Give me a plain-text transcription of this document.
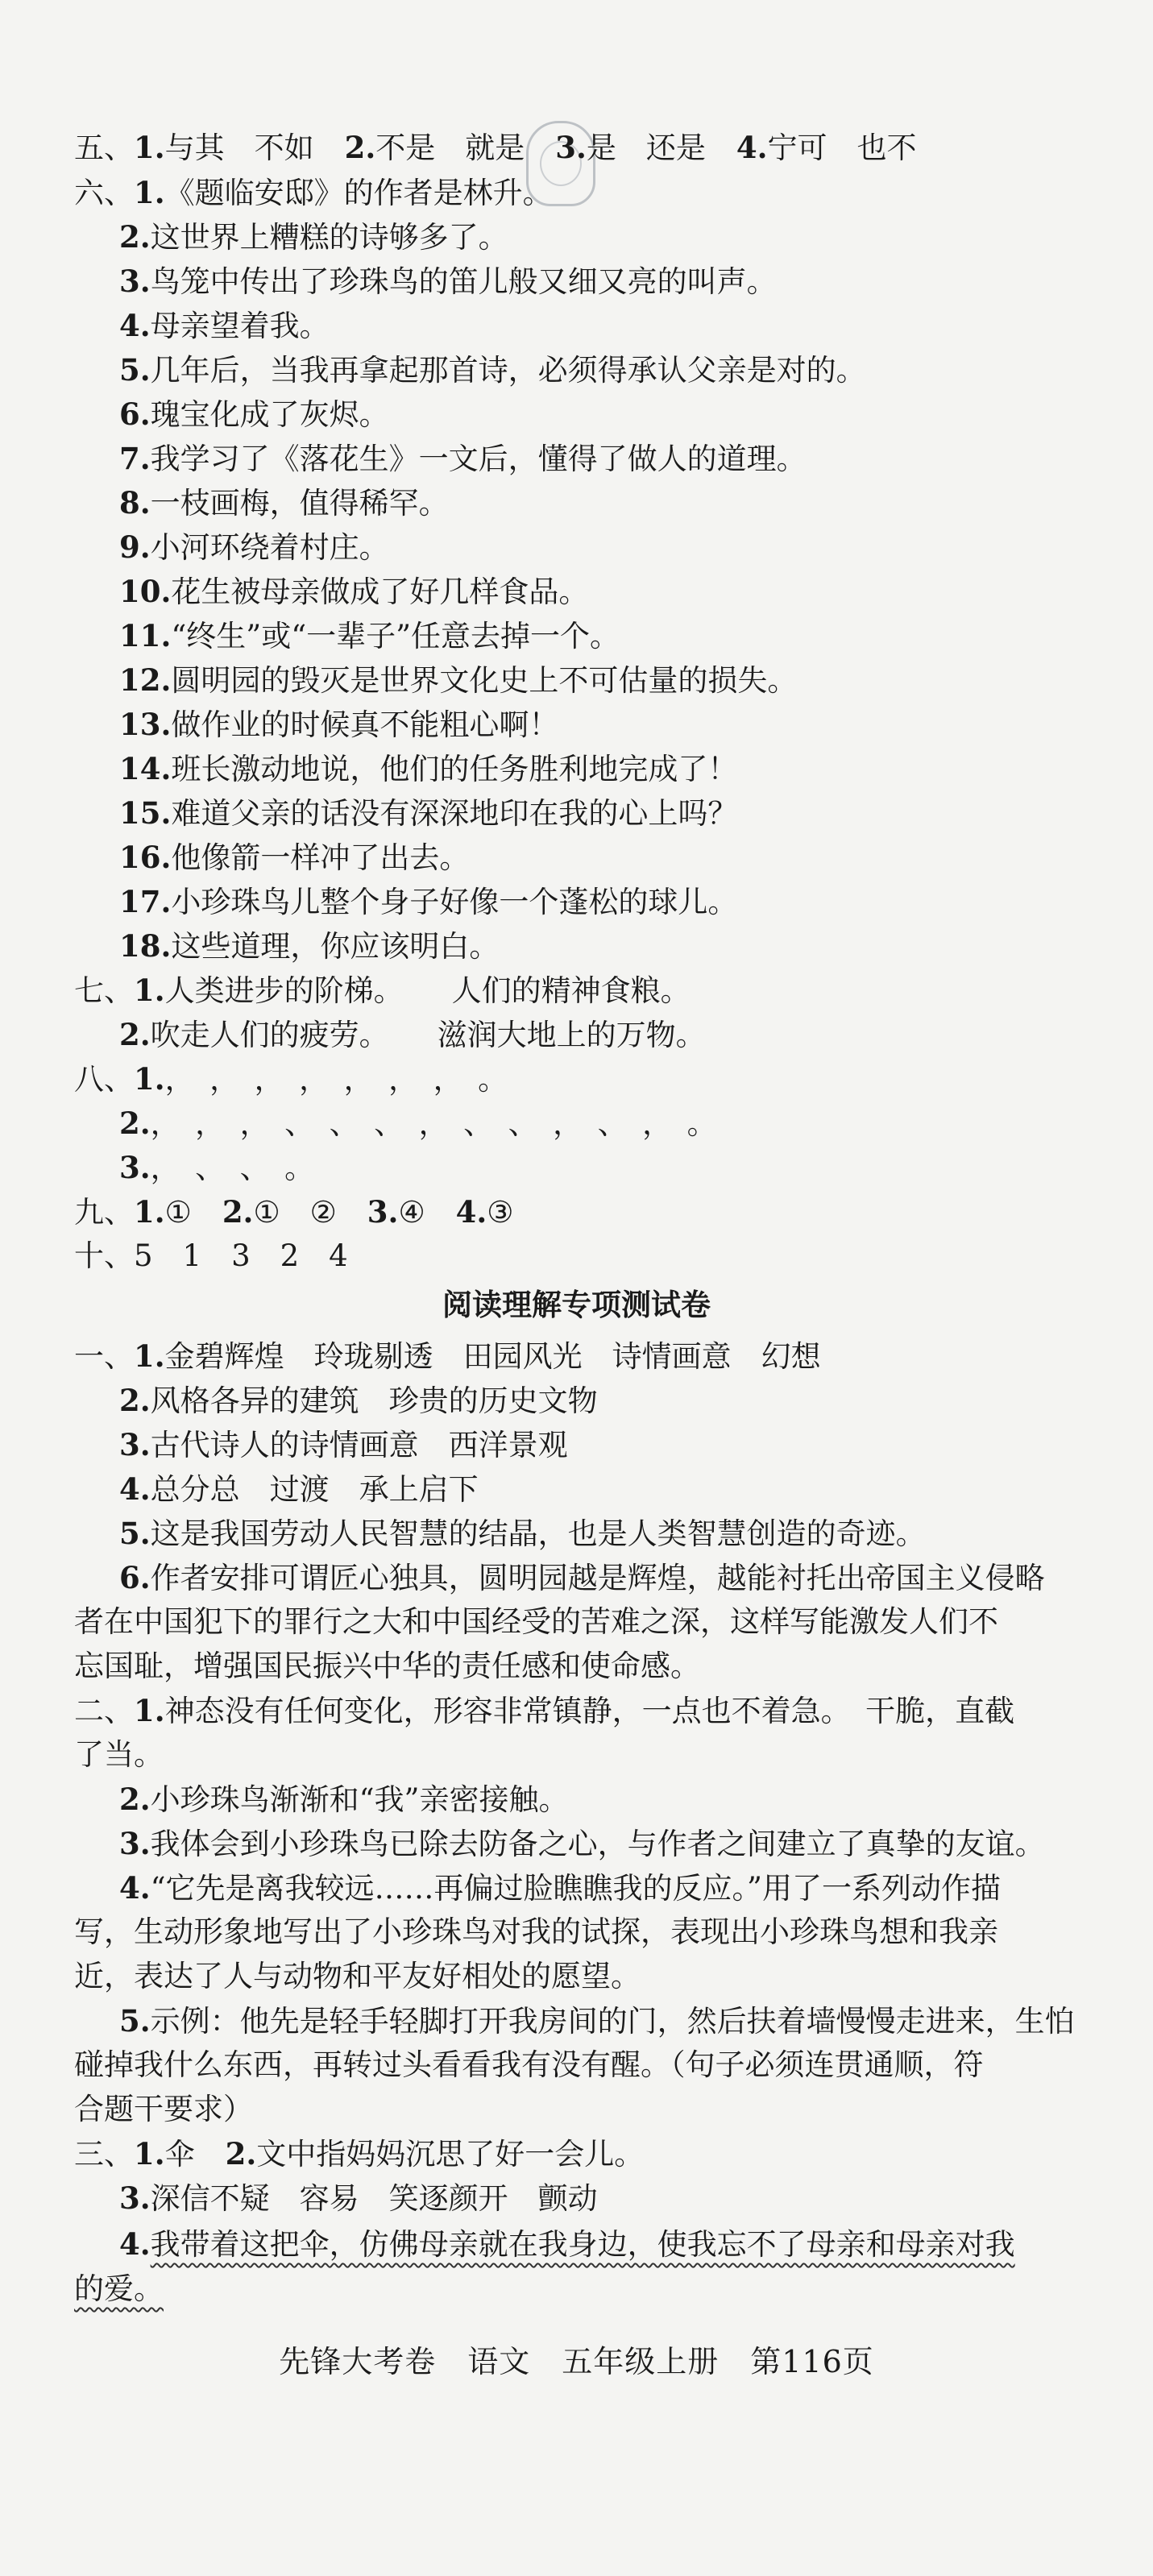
五、1.与其　不如 2.不是　就是 3.是　还是 4.宁可　也不
六、1.《题临安邸》的作者是林升。
2.这世界上糟糕的诗够多了。
3.鸟笼中传出了珍珠鸟的笛儿般又细又亮的叫声。
4.母亲望着我。
5.几年后，当我再拿起那首诗，必须得承认父亲是对的。
6.瑰宝化成了灰烬。
7.我学习了《落花生》一文后，懂得了做人的道理。
8.一枝画梅，值得稀罕。
9.小河环绕着村庄。
10.花生被母亲做成了好几样食品。
11.“终生”或“一辈子”任意去掉一个。
12.圆明园的毁灭是世界文化史上不可估量的损失。
13.做作业的时候真不能粗心啊！
14.班长激动地说，他们的任务胜利地完成了！
15.难道父亲的话没有深深地印在我的心上吗？
16.他像箭一样冲了出去。
17.小珍珠鸟儿整个身子好像一个蓬松的球儿。
18.这些道理，你应该明白。
七、1.人类进步的阶梯。 人们的精神食粮。
2.吹走人们的疲劳。 滋润大地上的万物。
八、1.，　，　，　，　，　，　，　。
2.，　，　，　、　、　、　，　、　、　，　、　，　。
3.，　、　、　。
九、1.① 2.①　② 3.④ 4.③
十、5　1　3　2　4
阅读理解专项测试卷
一、1.金碧辉煌　玲珑剔透　田园风光　诗情画意　幻想
2.风格各异的建筑　珍贵的历史文物
3.古代诗人的诗情画意　西洋景观
4.总分总　过渡　承上启下
5.这是我国劳动人民智慧的结晶，也是人类智慧创造的奇迹。
6.作者安排可谓匠心独具，圆明园越是辉煌，越能衬托出帝国主义侵略
者在中国犯下的罪行之大和中国经受的苦难之深，这样写能激发人们不
忘国耻，增强国民振兴中华的责任感和使命感。
二、1.神态没有任何变化，形容非常镇静，一点也不着急。　干脆，直截
了当。
2.小珍珠鸟渐渐和“我”亲密接触。
3.我体会到小珍珠鸟已除去防备之心，与作者之间建立了真挚的友谊。
4.“它先是离我较远……再偏过脸瞧瞧我的反应。”用了一系列动作描
写，生动形象地写出了小珍珠鸟对我的试探，表现出小珍珠鸟想和我亲
近，表达了人与动物和平友好相处的愿望。
5.示例：他先是轻手轻脚打开我房间的门，然后扶着墙慢慢走进来，生怕
碰掉我什么东西，再转过头看看我有没有醒。（句子必须连贯通顺，符
合题干要求）
三、1.伞 2.文中指妈妈沉思了好一会儿。
3.深信不疑　容易　笑逐颜开　颤动
4.我带着这把伞，仿佛母亲就在我身边，使我忘不了母亲和母亲对我
的爱。
先锋大考卷　语文　五年级上册　第116页
